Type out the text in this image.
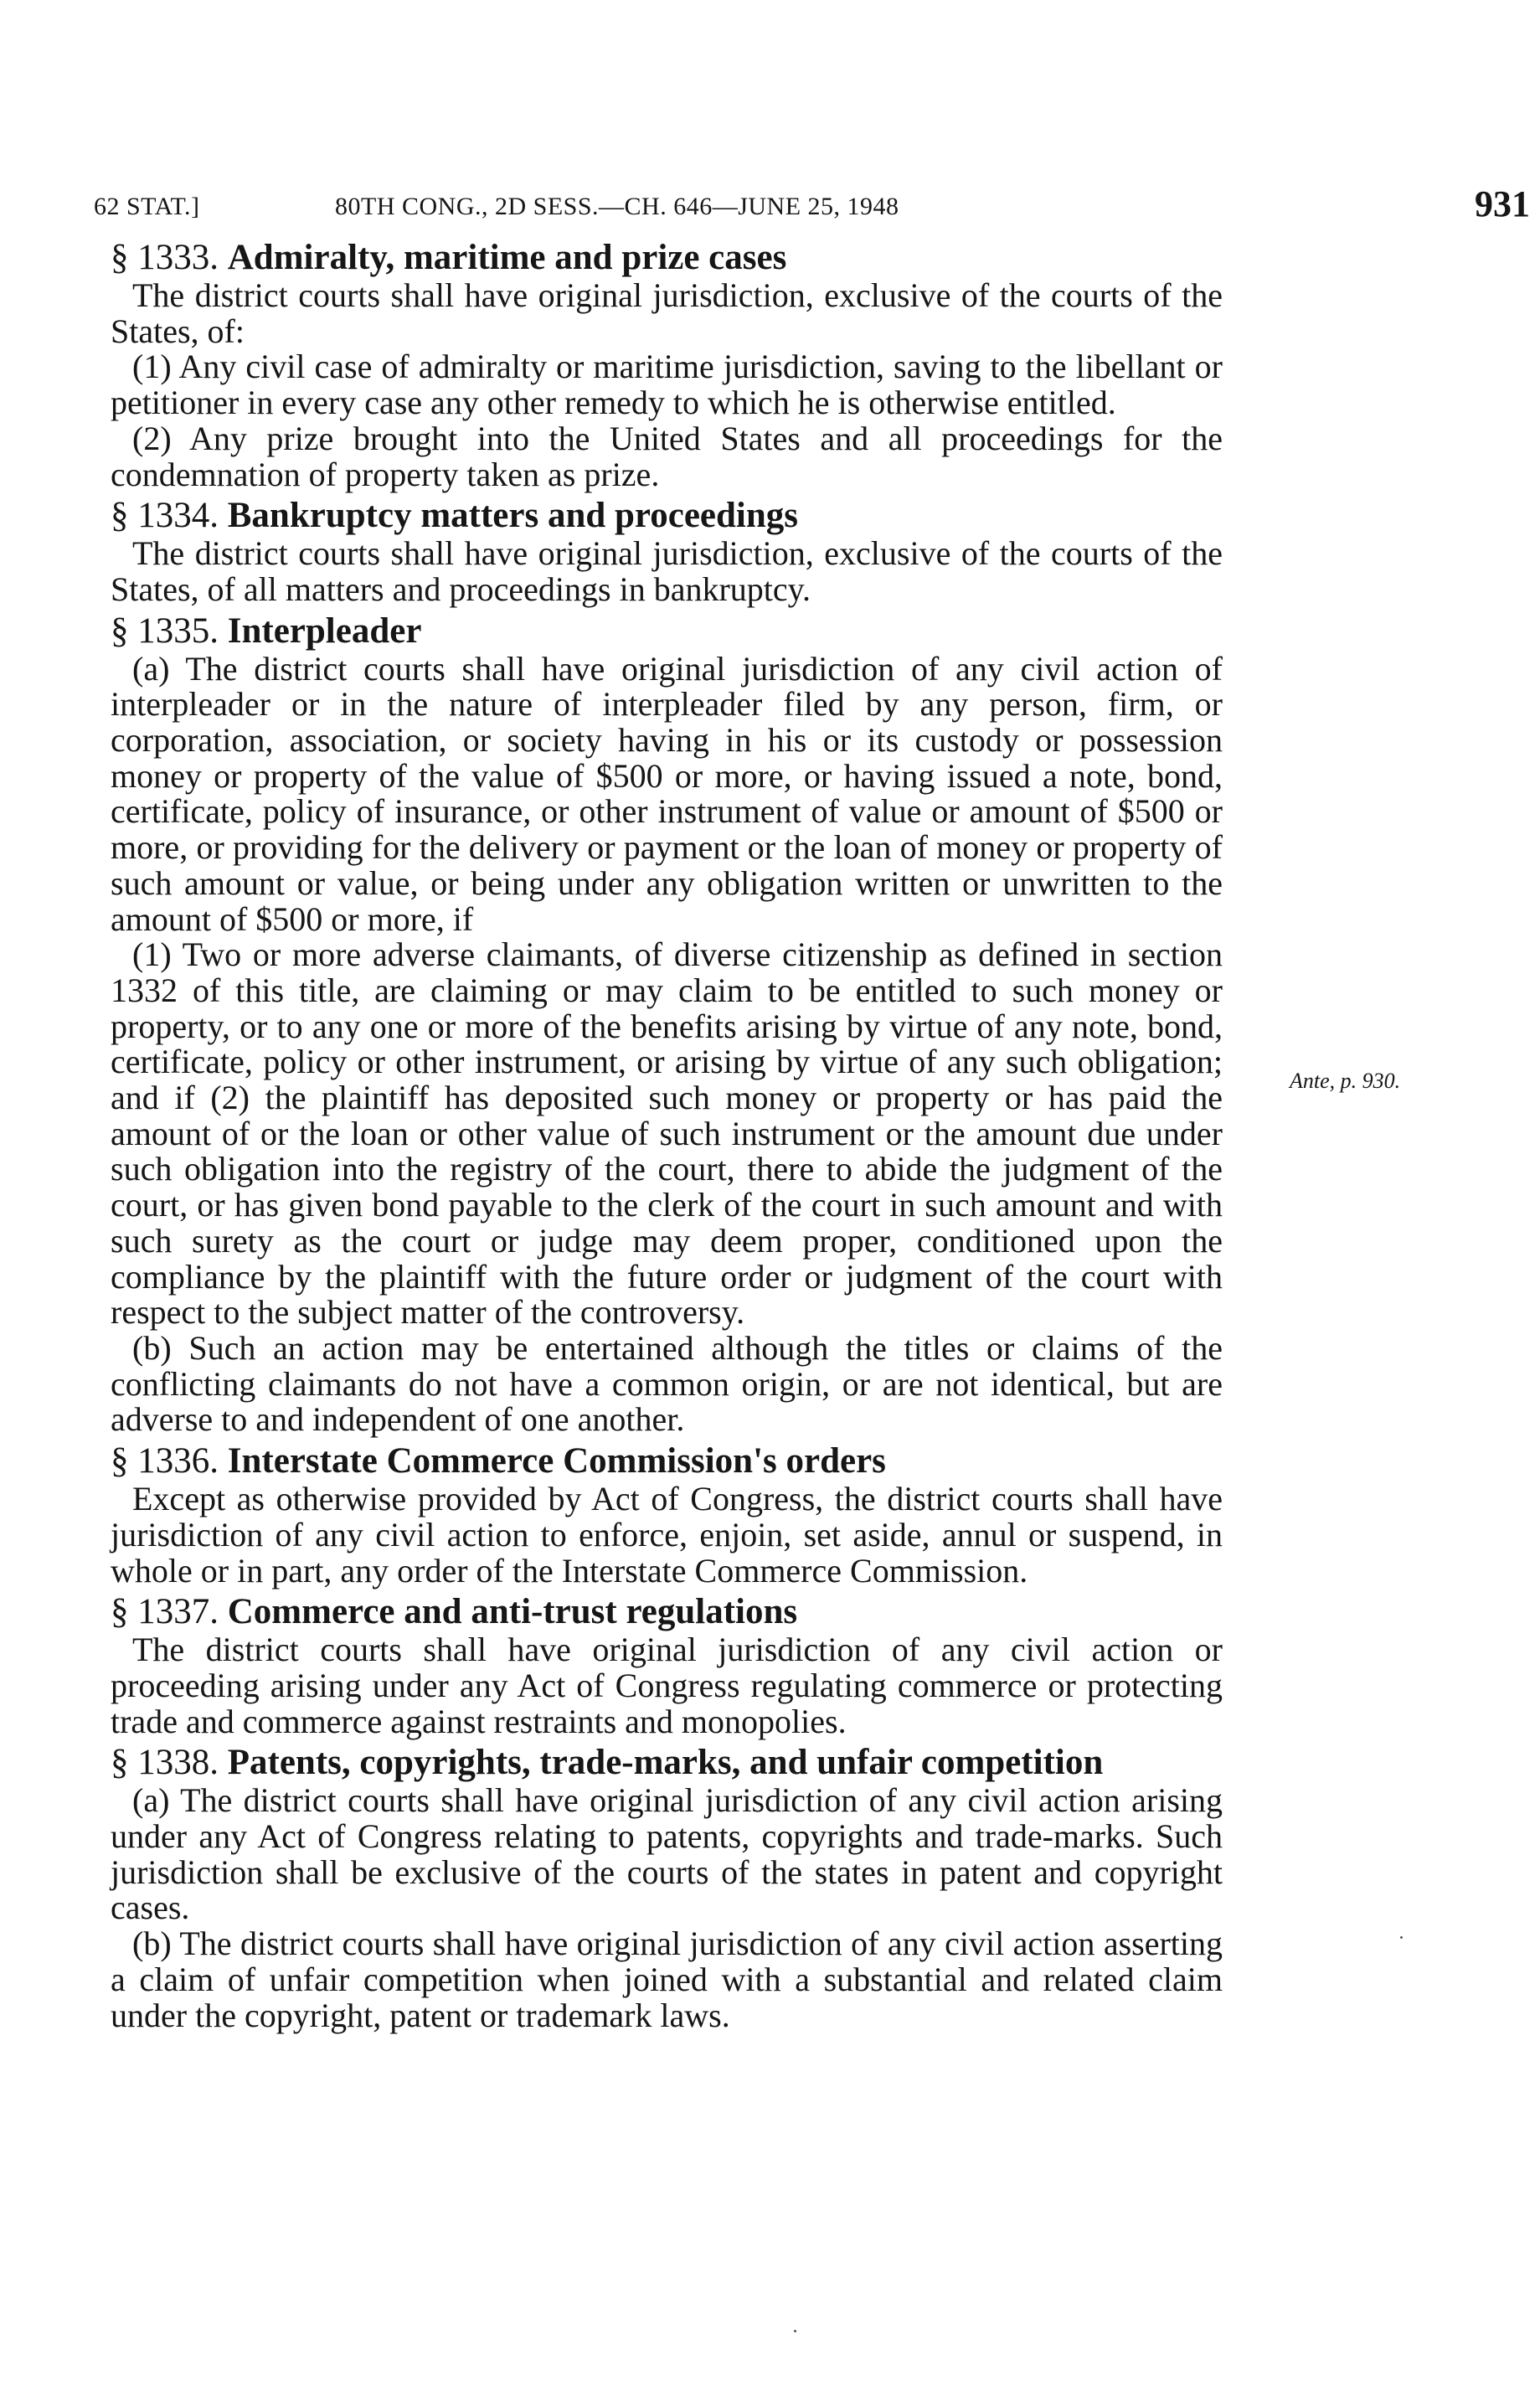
62 STAT.]	80TH CONG., 2D SESS.—CH. 646—JUNE 25, 1948	931
§ 1333. Admiralty, maritime and prize cases

The district courts shall have original jurisdiction, exclusive of the courts of the States, of:

(1) Any civil case of admiralty or maritime jurisdiction, saving to the libellant or petitioner in every case any other remedy to which he is otherwise entitled.

(2) Any prize brought into the United States and all proceedings for the condemnation of property taken as prize.

§ 1334. Bankruptcy matters and proceedings

The district courts shall have original jurisdiction, exclusive of the courts of the States, of all matters and proceedings in bankruptcy.

§ 1335. Interpleader

(a) The district courts shall have original jurisdiction of any civil action of interpleader or in the nature of interpleader filed by any person, firm, or corporation, association, or society having in his or its custody or possession money or property of the value of $500 or more, or having issued a note, bond, certificate, policy of insurance, or other instrument of value or amount of $500 or more, or providing for the delivery or payment or the loan of money or property of such amount or value, or being under any obligation written or unwritten to the amount of $500 or more, if

(1) Two or more adverse claimants, of diverse citizenship as defined in section 1332 of this title, are claiming or may claim to be entitled to such money or property, or to any one or more of the benefits arising by virtue of any note, bond, certificate, policy or other instrument, or arising by virtue of any such obligation; and if (2) the plaintiff has deposited such money or property or has paid the amount of or the loan or other value of such instrument or the amount due under such obligation into the registry of the court, there to abide the judgment of the court, or has given bond payable to the clerk of the court in such amount and with such surety as the court or judge may deem proper, conditioned upon the compliance by the plaintiff with the future order or judgment of the court with respect to the subject matter of the controversy.

(b) Such an action may be entertained although the titles or claims of the conflicting claimants do not have a common origin, or are not identical, but are adverse to and independent of one another.

§ 1336. Interstate Commerce Commission's orders

Except as otherwise provided by Act of Congress, the district courts shall have jurisdiction of any civil action to enforce, enjoin, set aside, annul or suspend, in whole or in part, any order of the Interstate Commerce Commission.

§ 1337. Commerce and anti-trust regulations

The district courts shall have original jurisdiction of any civil action or proceeding arising under any Act of Congress regulating commerce or protecting trade and commerce against restraints and monopolies.

§ 1338. Patents, copyrights, trade-marks, and unfair competition

(a) The district courts shall have original jurisdiction of any civil action arising under any Act of Congress relating to patents, copyrights and trade-marks. Such jurisdiction shall be exclusive of the courts of the states in patent and copyright cases.

(b) The district courts shall have original jurisdiction of any civil action asserting a claim of unfair competition when joined with a substantial and related claim under the copyright, patent or trademark laws.

Ante, p. 930.
